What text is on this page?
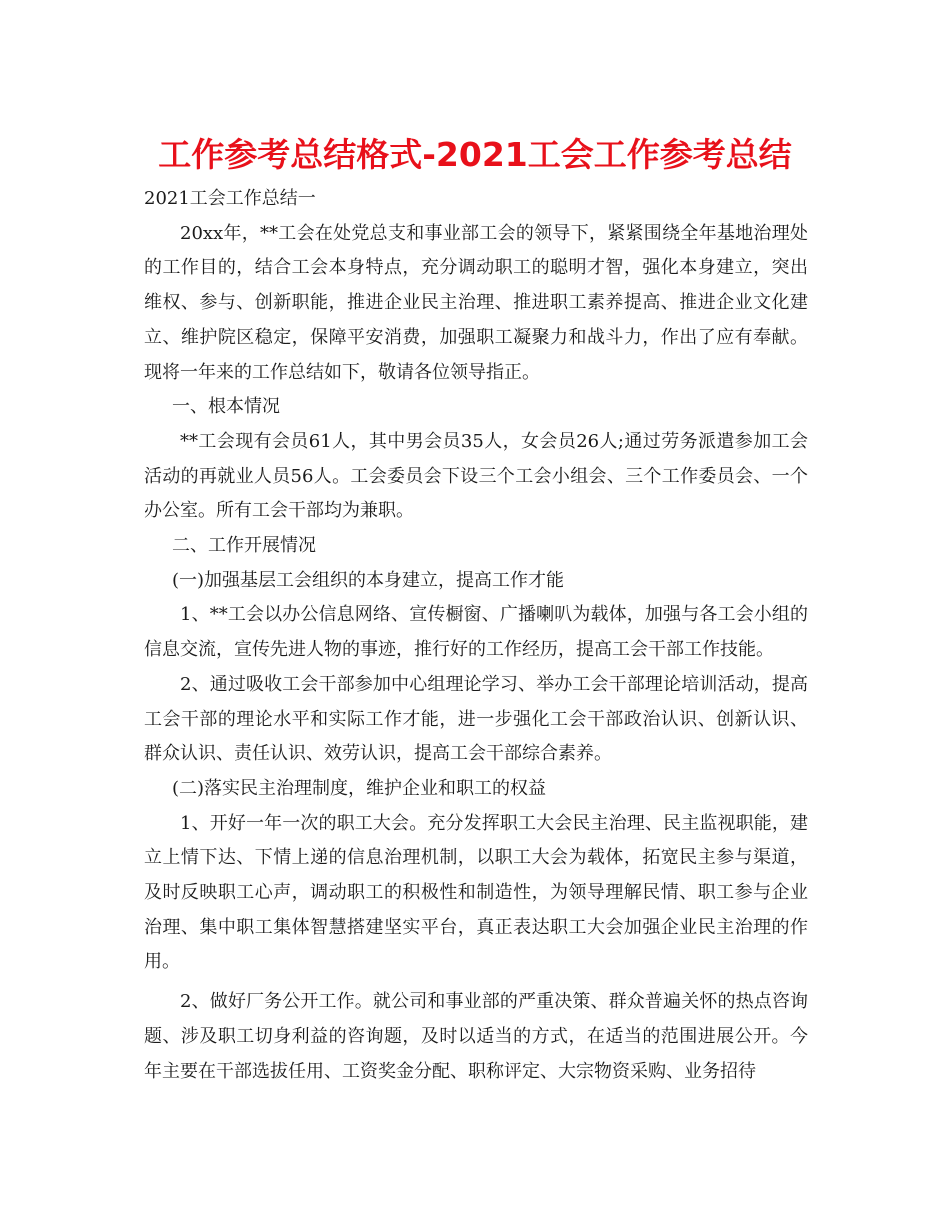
工作参考总结格式-2021工会工作参考总结

2021工会工作总结一

20xx年，**工会在处党总支和事业部工会的领导下，紧紧围绕全年基地治理处的工作目的，结合工会本身特点，充分调动职工的聪明才智，强化本身建立，突出维权、参与、创新职能，推进企业民主治理、推进职工素养提高、推进企业文化建立、维护院区稳定，保障平安消费，加强职工凝聚力和战斗力，作出了应有奉献。现将一年来的工作总结如下，敬请各位领导指正。

一、根本情况

**工会现有会员61人，其中男会员35人，女会员26人;通过劳务派遣参加工会活动的再就业人员56人。工会委员会下设三个工会小组会、三个工作委员会、一个办公室。所有工会干部均为兼职。

二、工作开展情况

(一)加强基层工会组织的本身建立，提高工作才能

1、**工会以办公信息网络、宣传橱窗、广播喇叭为载体，加强与各工会小组的信息交流，宣传先进人物的事迹，推行好的工作经历，提高工会干部工作技能。

2、通过吸收工会干部参加中心组理论学习、举办工会干部理论培训活动，提高工会干部的理论水平和实际工作才能，进一步强化工会干部政治认识、创新认识、群众认识、责任认识、效劳认识，提高工会干部综合素养。

(二)落实民主治理制度，维护企业和职工的权益

1、开好一年一次的职工大会。充分发挥职工大会民主治理、民主监视职能，建立上情下达、下情上递的信息治理机制，以职工大会为载体，拓宽民主参与渠道，及时反映职工心声，调动职工的积极性和制造性，为领导理解民情、职工参与企业治理、集中职工集体智慧搭建坚实平台，真正表达职工大会加强企业民主治理的作用。

2、做好厂务公开工作。就公司和事业部的严重决策、群众普遍关怀的热点咨询题、涉及职工切身利益的咨询题，及时以适当的方式，在适当的范围进展公开。今年主要在干部选拔任用、工资奖金分配、职称评定、大宗物资采购、业务招待
